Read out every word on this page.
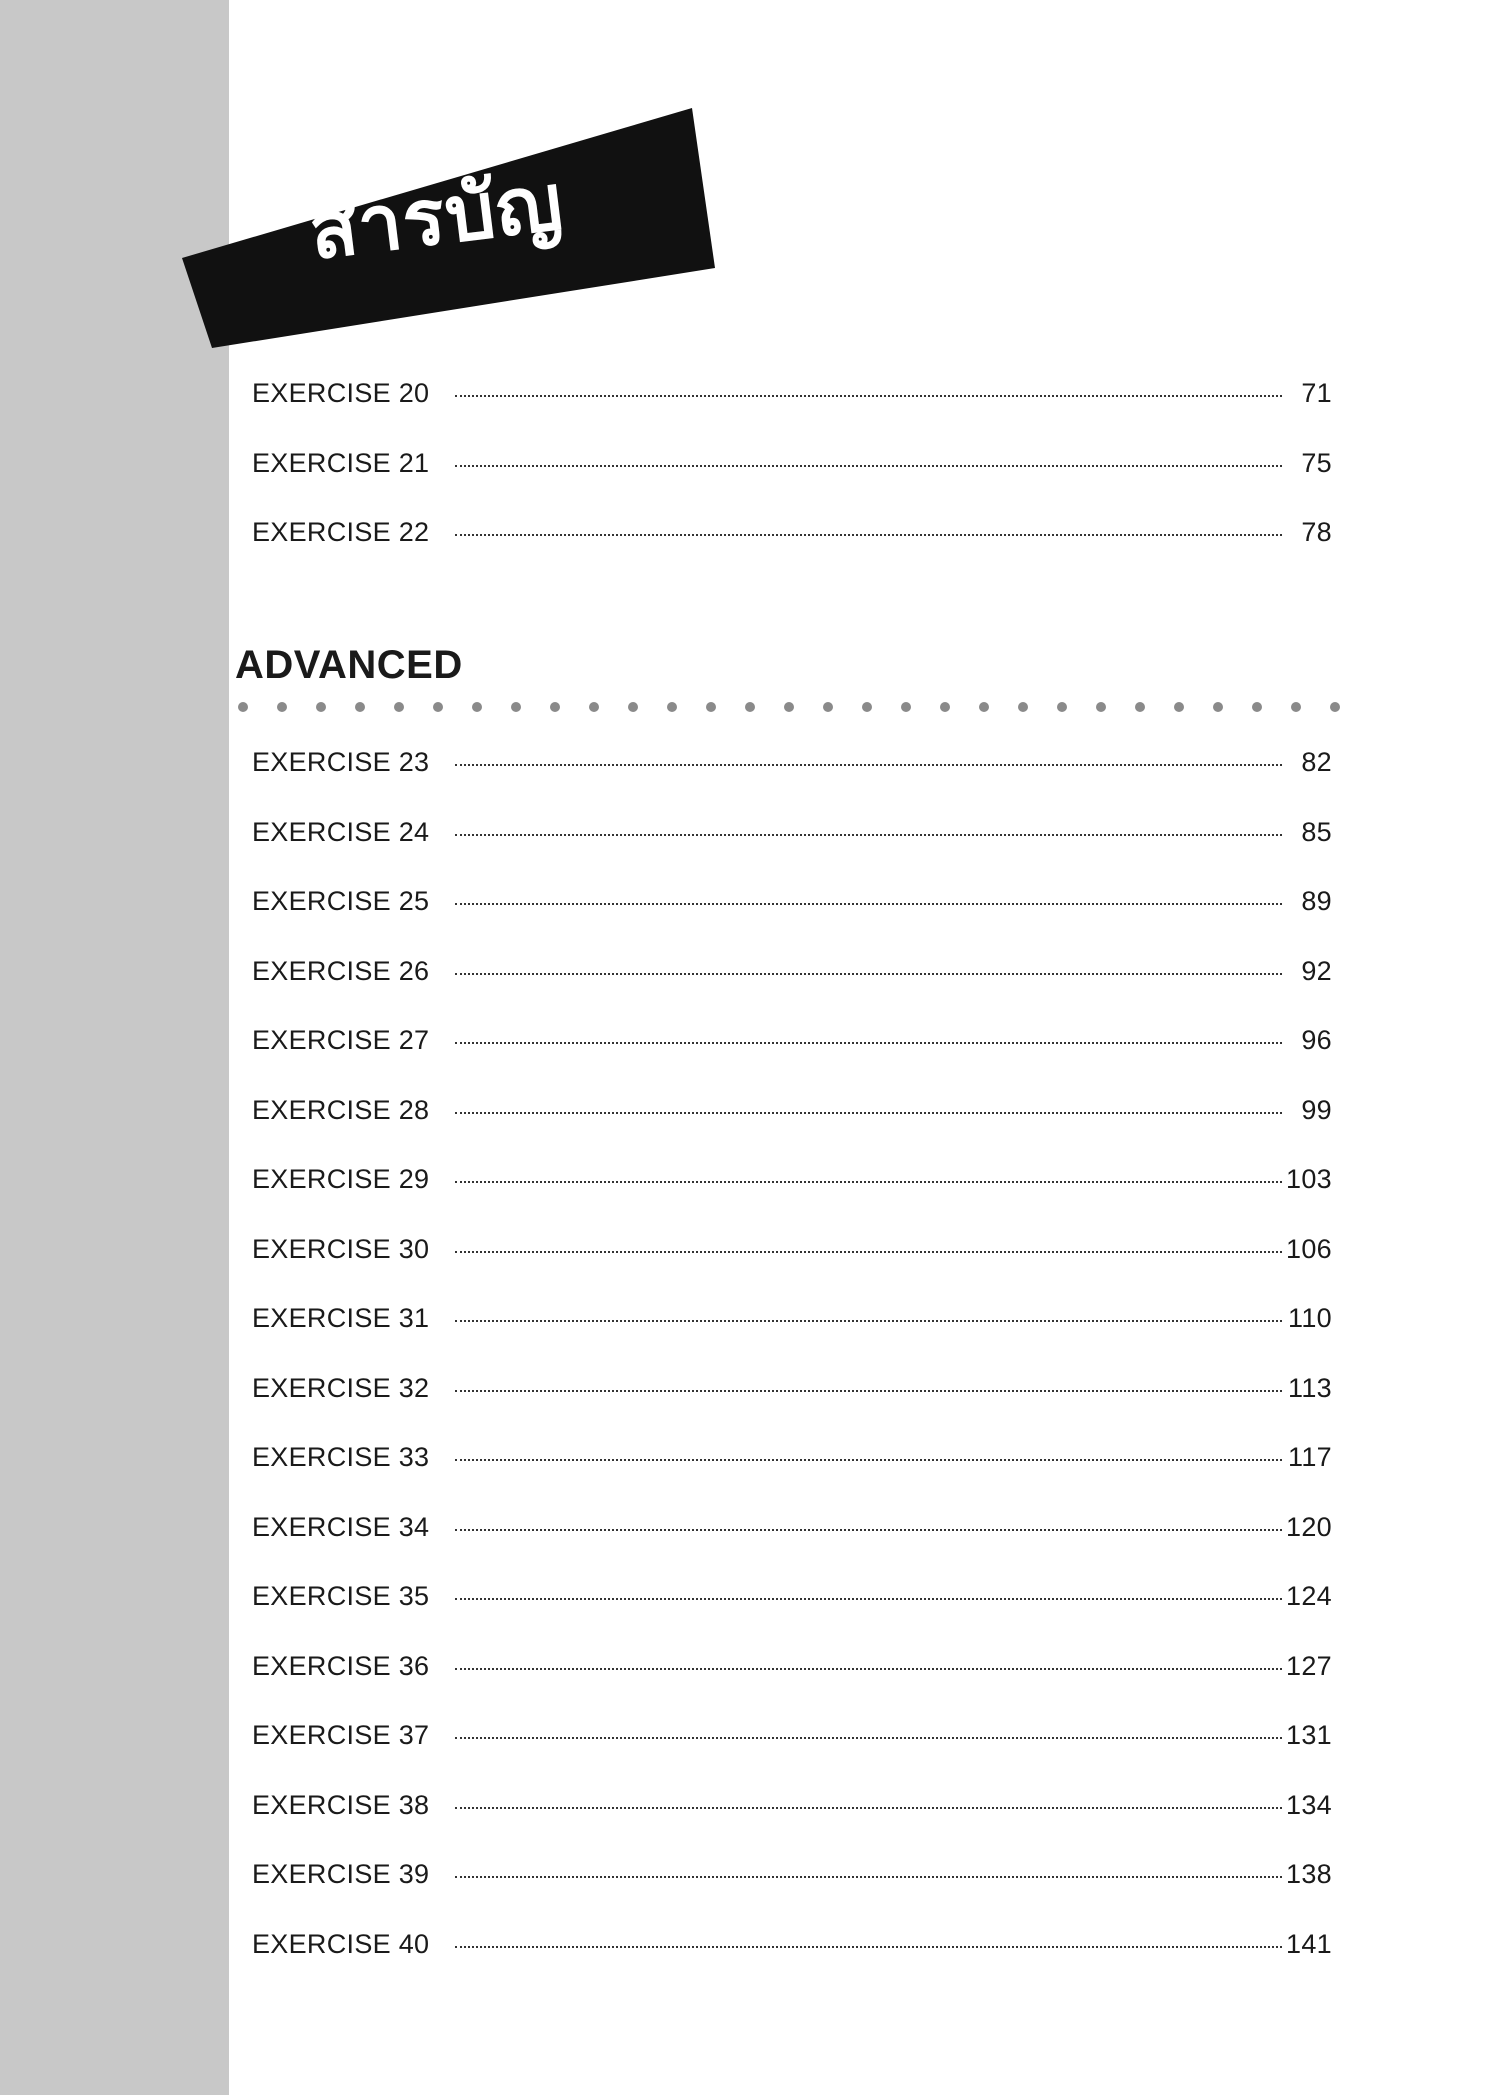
สารบัญ
EXERCISE 20	71
EXERCISE 21	75
EXERCISE 22	78
ADVANCED
EXERCISE 23	82
EXERCISE 24	85
EXERCISE 25	89
EXERCISE 26	92
EXERCISE 27	96
EXERCISE 28	99
EXERCISE 29	103
EXERCISE 30	106
EXERCISE 31	110
EXERCISE 32	113
EXERCISE 33	117
EXERCISE 34	120
EXERCISE 35	124
EXERCISE 36	127
EXERCISE 37	131
EXERCISE 38	134
EXERCISE 39	138
EXERCISE 40	141
